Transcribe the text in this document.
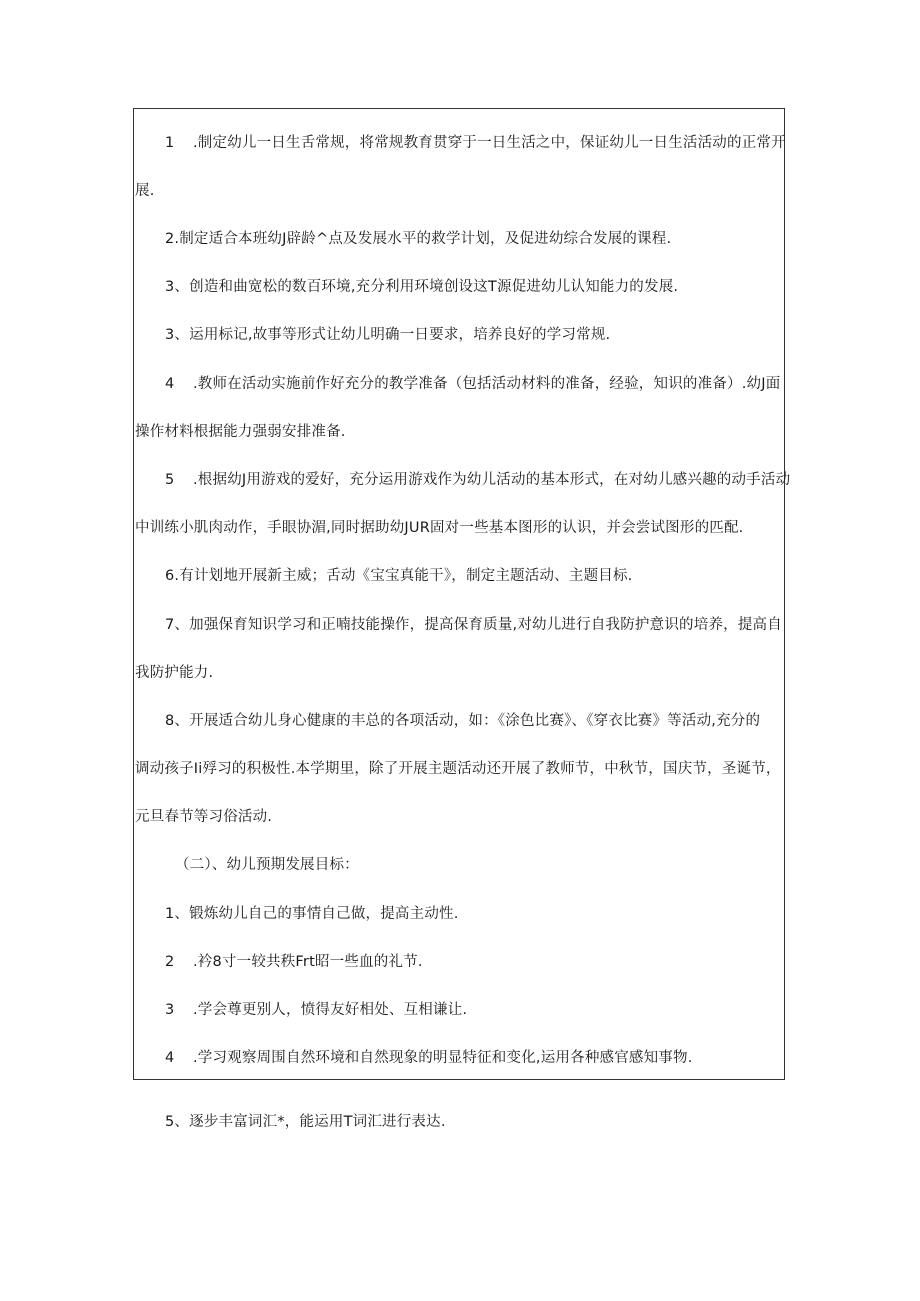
1 .制定幼儿一日生舌常规，将常规教育贯穿于一日生活之中，保证幼儿一日生活活动的正常开
展.
2.制定适合本班幼J辟龄^点及发展水平的救学计划，及促进幼综合发展的课程.
3、创造和曲宽松的数百环境,充分利用环境创设这T源促进幼儿认知能力的发展.
3、运用标记,故事等形式让幼儿明确一日要求，培养良好的学习常规.
4 .教师在活动实施前作好充分的教学准备（包括活动材料的准备，经验，知识的准备）.幼J面
操作材料根据能力强弱安排准备.
5 .根据幼J用游戏的爱好，充分运用游戏作为幼儿活动的基本形式，在对幼儿感兴趣的动手活动
中训练小肌肉动作，手眼协湄,同时据助幼JUR固对一些基本图形的认识，并会尝试图形的匹配.
6.有计划地开展新主威；舌动《宝宝真能干》，制定主题活动、主题目标.
7、加强保育知识学习和正喃技能操作，提高保育质量,对幼儿进行自我防护意识的培养，提高自
我防护能力.
8、开展适合幼儿身心健康的丰总的各项活动，如：《涂色比赛》、《穿衣比赛》等活动,充分的
调动孩子Ii殍习的积极性.本学期里，除了开展主题活动还开展了教师节，中秋节，国庆节，圣诞节，
元旦春节等习俗活动.
（二）、幼儿预期发展目标：
1、锻炼幼儿自己的事情自己做，提高主动性.
2 .衿8寸一较共秩Frt昭一些血的礼节.
3 .学会尊更别人，愤得友好相处、互相谦让.
4 .学习观察周围自然环境和自然现象的明显特征和变化,运用各种感官感知事物.
5、逐步丰富词汇*，能运用T词汇进行表达.
